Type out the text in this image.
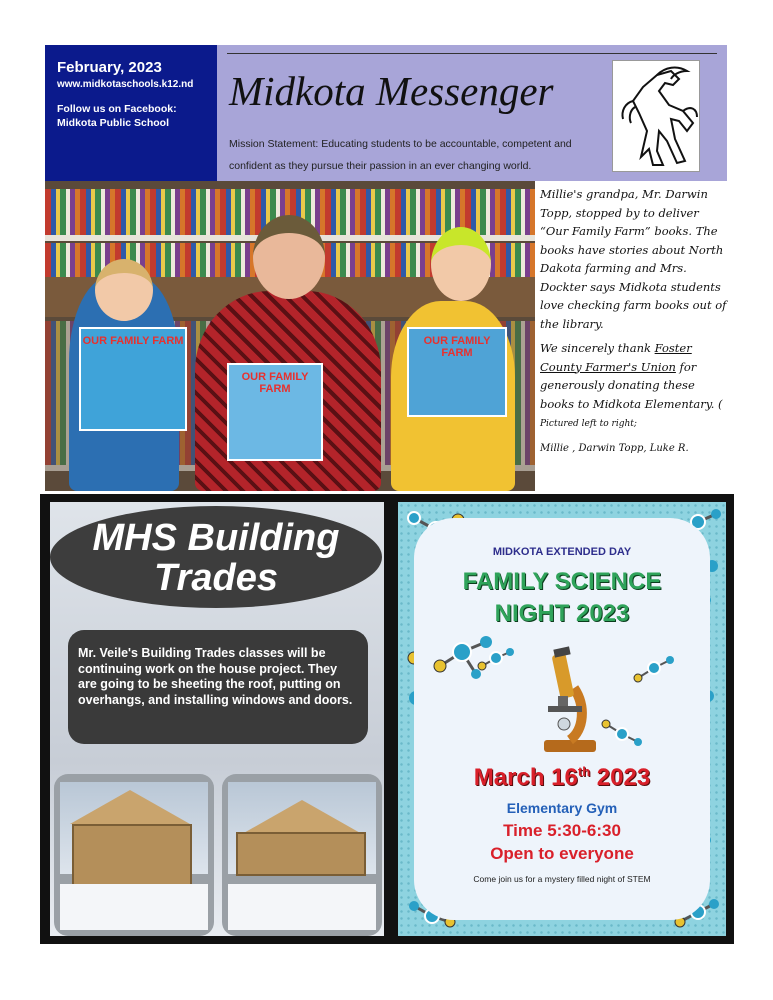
February, 2023
www.midkotaschools.k12.nd
Follow us on Facebook:
Midkota Public School
Midkota Messenger
Mission Statement: Educating students to be accountable, competent and confident as they pursue their passion in an ever changing world.
OUR FAMILY FARM
OUR FAMILY FARM
OUR FAMILY FARM

Millie's grandpa, Mr. Darwin Topp, stopped by to deliver “Our Family Farm” books. The books have stories about North Dakota farming and Mrs. Dockter says Midkota students love checking farm books out of the library.

We sincerely thank Foster County Farmer's Union for generously donating these books to Midkota Elementary. ( Pictured left to right;

Millie , Darwin Topp, Luke R.

MHS Building
Trades
Mr. Veile's Building Trades classes will be continuing work on the house project. They are going to be sheeting the roof, putting on overhangs, and installing windows and doors.
MIDKOTA EXTENDED DAY
FAMILY SCIENCE
NIGHT 2023
March 16th 2023
Elementary Gym
Time 5:30-6:30
Open to everyone
Come join us for a mystery filled night of STEM
